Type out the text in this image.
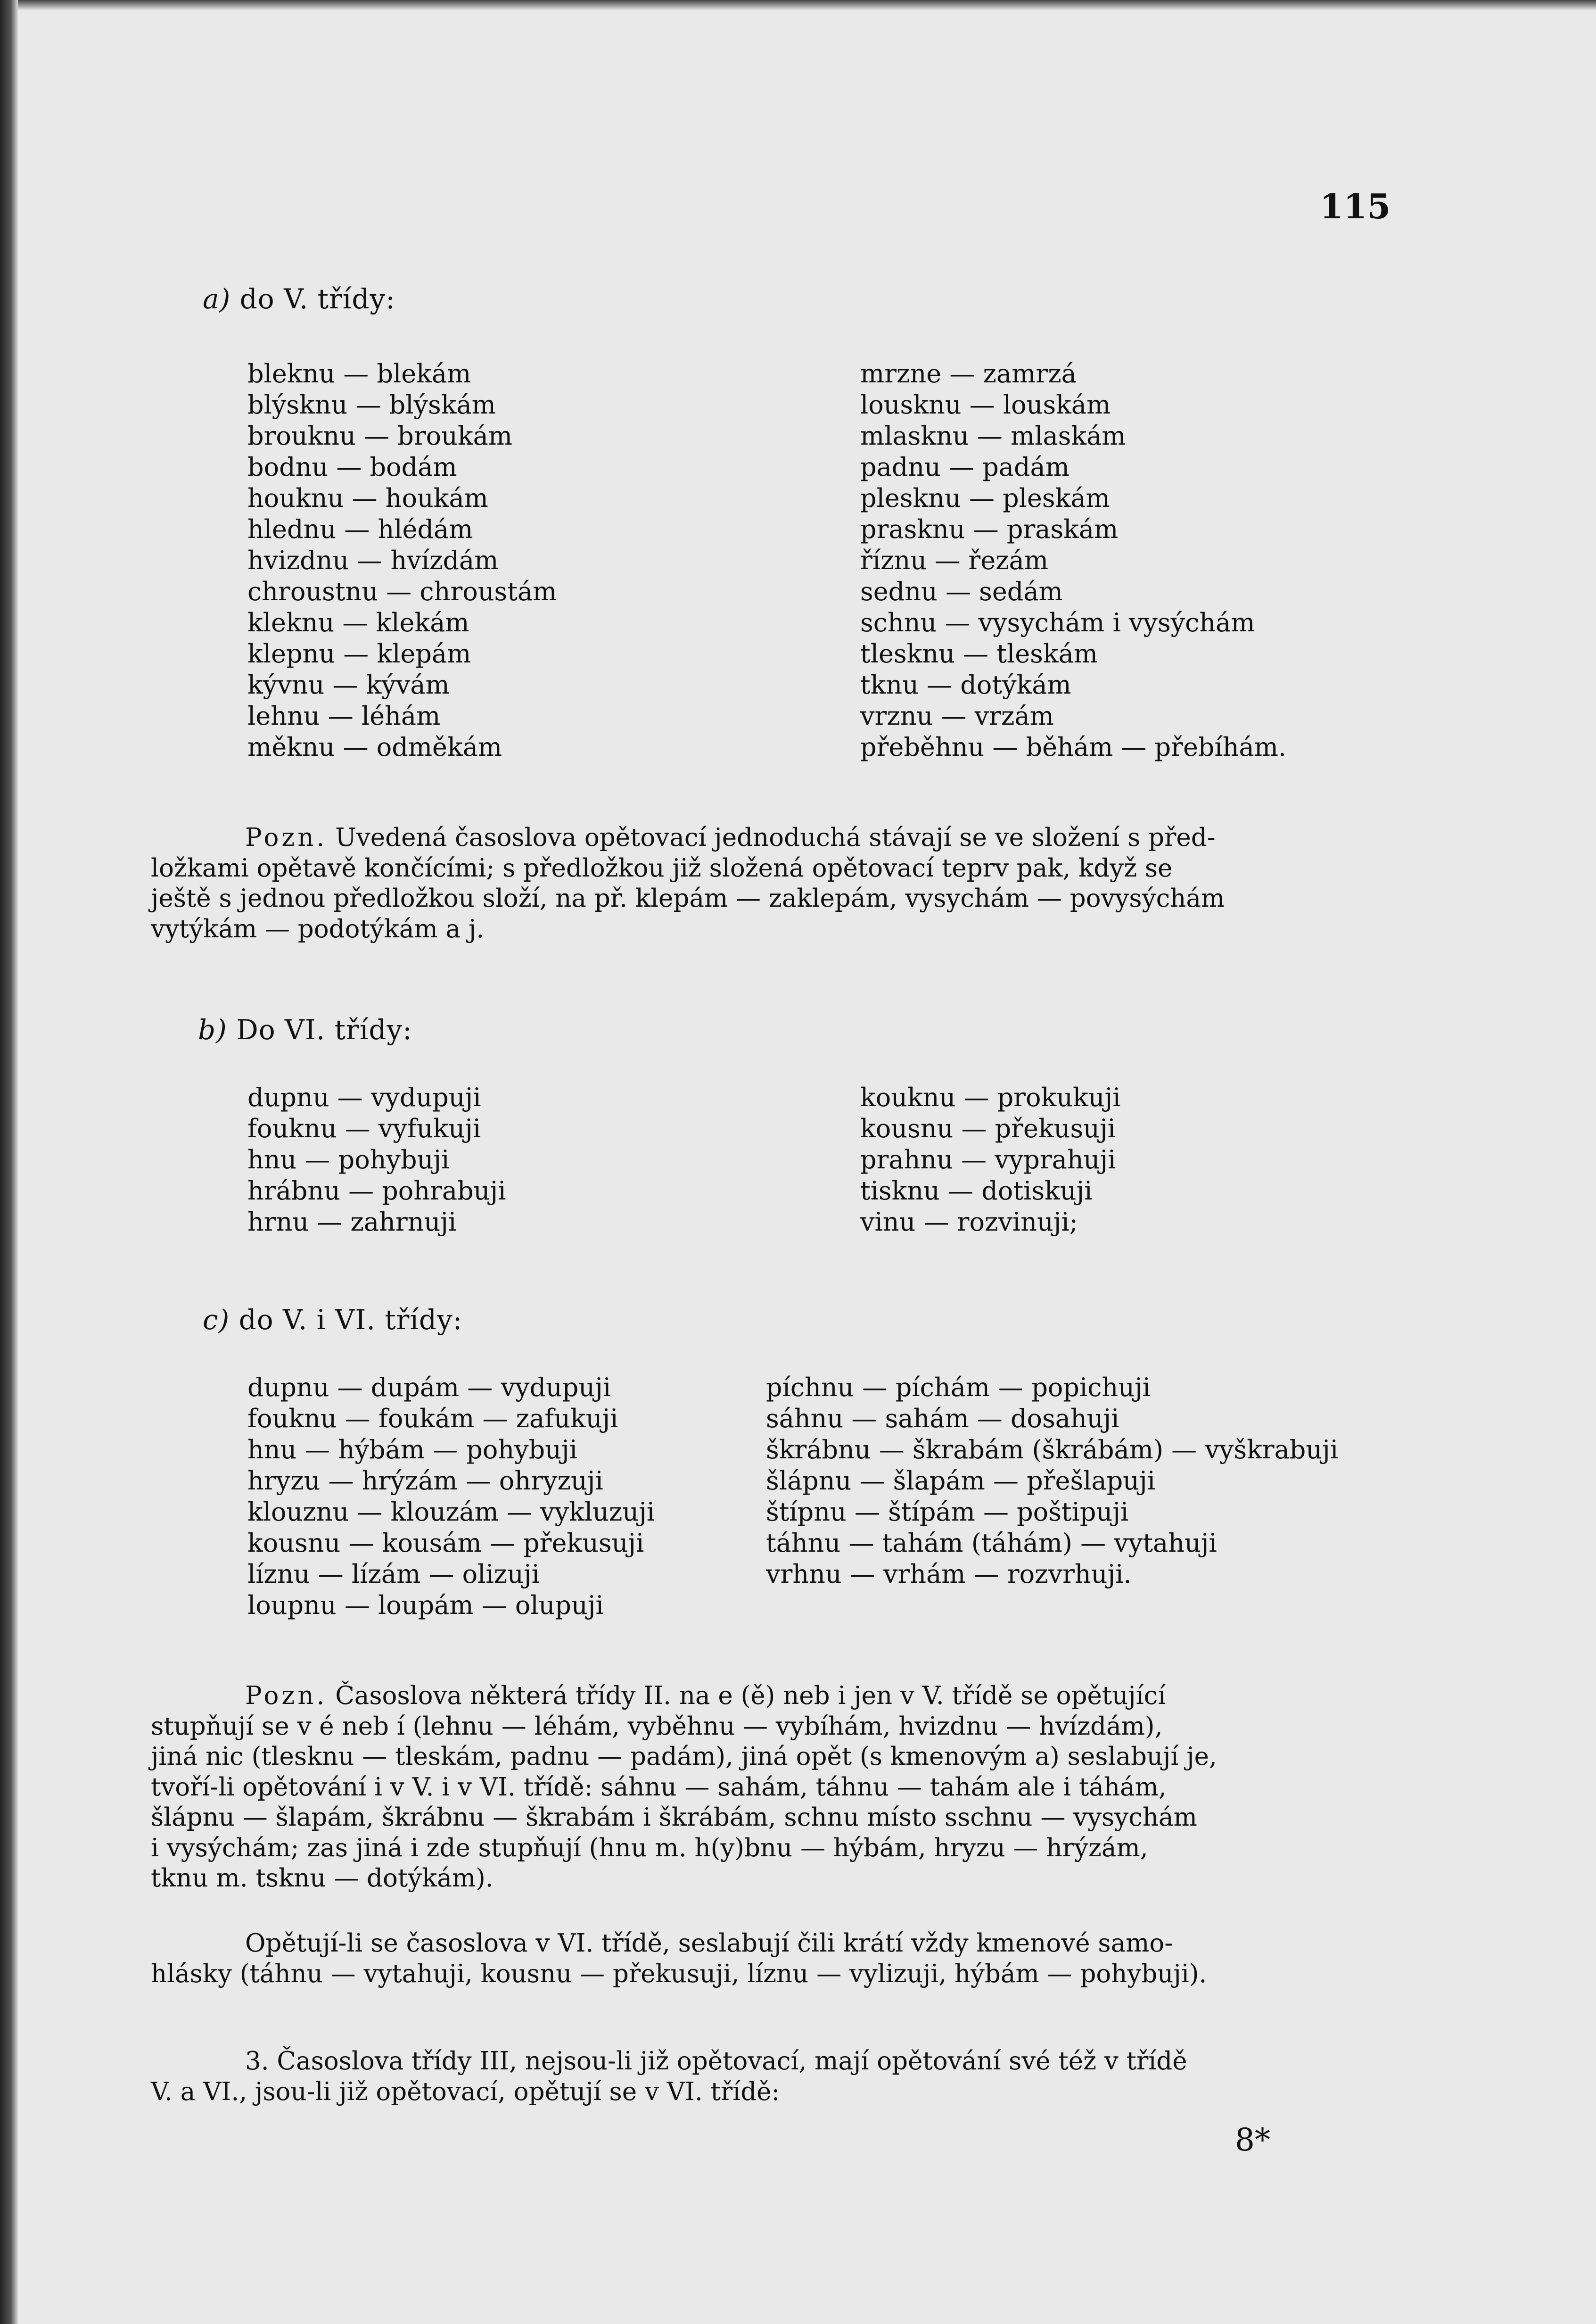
115
a) do V. třídy:
bleknu — blekám
blýsknu — blýskám
brouknu — broukám
bodnu — bodám
houknu — houkám
hlednu — hlédám
hvizdnu — hvízdám
chroustnu — chroustám
kleknu — klekám
klepnu — klepám
kývnu — kývám
lehnu — léhám
měknu — odměkám
mrzne — zamrzá
lousknu — louskám
mlasknu — mlaskám
padnu — padám
plesknu — pleskám
prasknu — praskám
říznu — řezám
sednu — sedám
schnu — vysychám i vysýchám
tlesknu — tleskám
tknu — dotýkám
vrznu — vrzám
přeběhnu — běhám — přebíhám.
Pozn. Uvedená časoslova opětovací jednoduchá stávají se ve složení s před-
ložkami opětavě končícími; s předložkou již složená opětovací teprv pak, když se
ještě s jednou předložkou složí, na př. klepám — zaklepám, vysychám — povysýchám
vytýkám — podotýkám a j.
b) Do VI. třídy:
dupnu — vydupuji
fouknu — vyfukuji
hnu — pohybuji
hrábnu — pohrabuji
hrnu — zahrnuji
kouknu — prokukuji
kousnu — překusuji
prahnu — vyprahuji
tisknu — dotiskuji
vinu — rozvinuji;
c) do V. i VI. třídy:
dupnu — dupám — vydupuji
fouknu — foukám — zafukuji
hnu — hýbám — pohybuji
hryzu — hrýzám — ohryzuji
klouznu — klouzám — vykluzuji
kousnu — kousám — překusuji
líznu — lízám — olizuji
loupnu — loupám — olupuji
píchnu — píchám — popichuji
sáhnu — sahám — dosahuji
škrábnu — škrabám (škrábám) — vyškrabuji
šlápnu — šlapám — přešlapuji
štípnu — štípám — poštipuji
táhnu — tahám (táhám) — vytahuji
vrhnu — vrhám — rozvrhuji.
Pozn. Časoslova některá třídy II. na e (ě) neb i jen v V. třídě se opětující
stupňují se v é neb í (lehnu — léhám, vyběhnu — vybíhám, hvizdnu — hvízdám),
jiná nic (tlesknu — tleskám, padnu — padám), jiná opět (s kmenovým a) seslabují je,
tvoří-li opětování i v V. i v VI. třídě: sáhnu — sahám, táhnu — tahám ale i táhám,
šlápnu — šlapám, škrábnu — škrabám i škrábám, schnu místo sschnu — vysychám
i vysýchám; zas jiná i zde stupňují (hnu m. h(y)bnu — hýbám, hryzu — hrýzám,
tknu m. tsknu — dotýkám).
Opětují-li se časoslova v VI. třídě, seslabují čili krátí vždy kmenové samo-
hlásky (táhnu — vytahuji, kousnu — překusuji, líznu — vylizuji, hýbám — pohybuji).
3. Časoslova třídy III, nejsou-li již opětovací, mají opětování své též v třídě
V. a VI., jsou-li již opětovací, opětují se v VI. třídě:
8*
